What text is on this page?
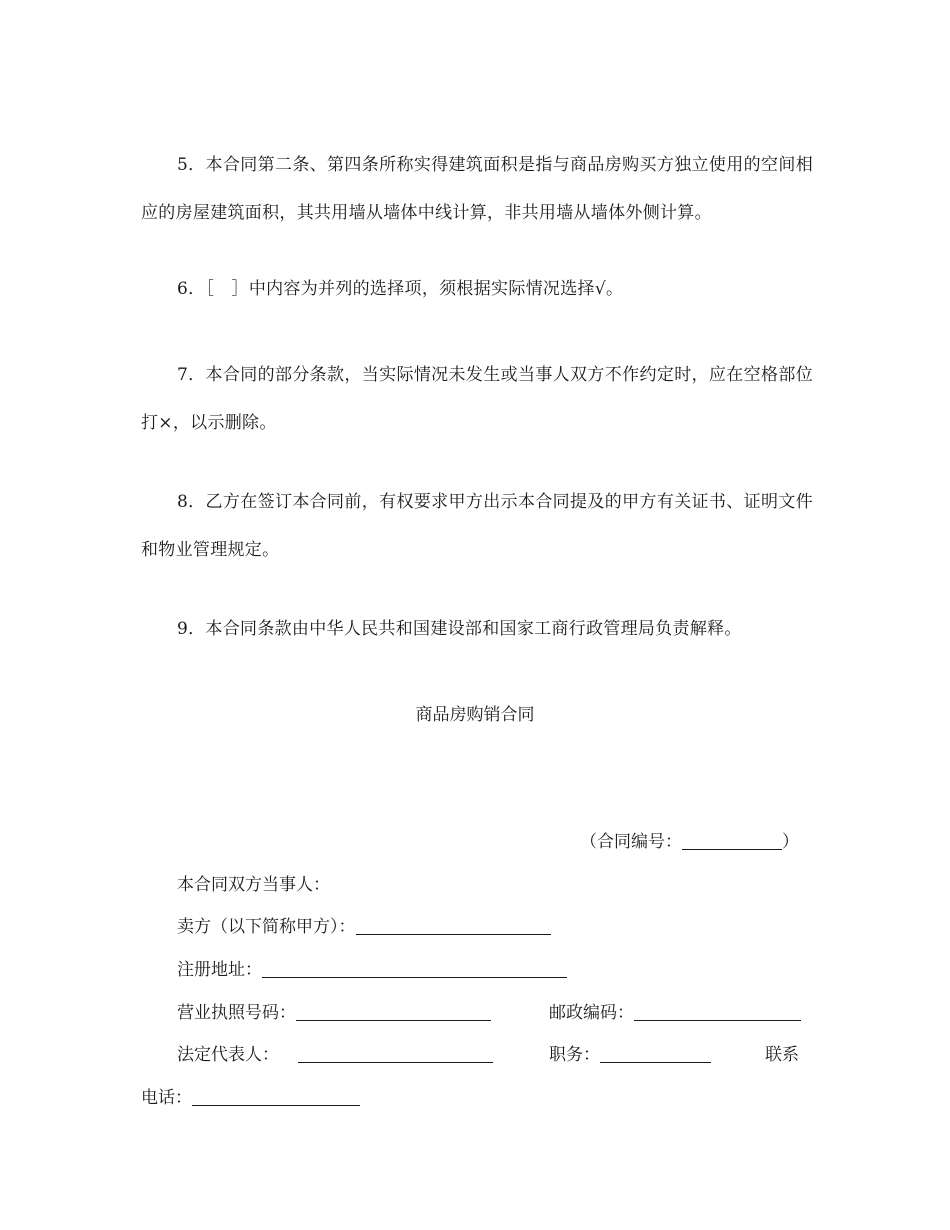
5．本合同第二条、第四条所称实得建筑面积是指与商品房购买方独立使用的空间相应的房屋建筑面积，其共用墙从墙体中线计算，非共用墙从墙体外侧计算。
6．［　］中内容为并列的选择项，须根据实际情况选择√。
7．本合同的部分条款，当实际情况未发生或当事人双方不作约定时，应在空格部位打×，以示删除。
8．乙方在签订本合同前，有权要求甲方出示本合同提及的甲方有关证书、证明文件和物业管理规定。
9．本合同条款由中华人民共和国建设部和国家工商行政管理局负责解释。
商品房购销合同
（合同编号：	）
本合同双方当事人：
卖方（以下简称甲方）：
注册地址：
营业执照号码：	邮政编码：
法定代表人：	职务：	联系
电话：
